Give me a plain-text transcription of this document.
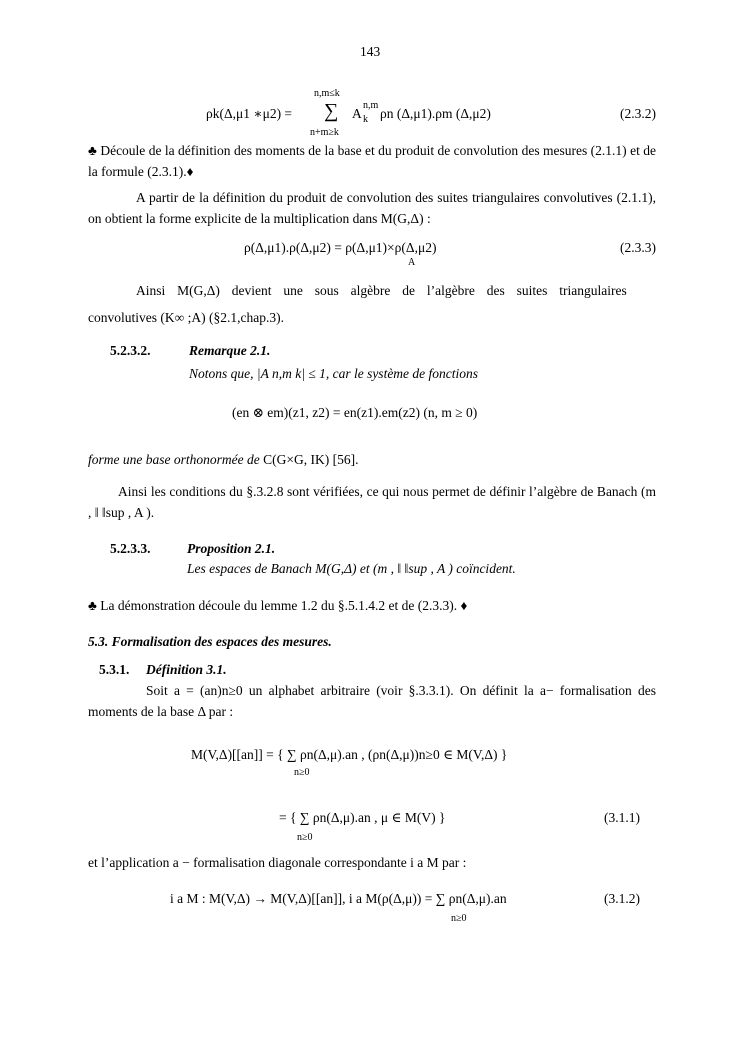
143
n,m≤k
ρk(Δ,μ1 ∗μ2) = ∑ A
n,m
k ρn (Δ,μ1).ρm (Δ,μ2)
n+m≥k
(2.3.2)
♣ Découle de la définition des moments de la base et du produit de convolution des mesures (2.1.1) et de la formule (2.3.1).♦
A partir de la définition du produit de convolution des suites triangulaires convolutives (2.1.1), on obtient la forme explicite de la multiplication dans M(G,Δ) :
ρ(Δ,μ1).ρ(Δ,μ2) = ρ(Δ,μ1)×ρ(Δ,μ2)
A
(2.3.3)
Ainsi M(G,Δ) devient une sous algèbre de l’algèbre des suites triangulaires
convolutives (K∞ ;A) (§2.1,chap.3).
5.2.3.2.	Remarque 2.1.
Notons que, |A n,m k| ≤ 1, car le système de fonctions
(en ⊗ em)(z1, z2) = en(z1).em(z2) (n, m ≥ 0)
forme une base orthonormée de C(G×G, IK) [56].
Ainsi les conditions du §.3.2.8 sont vérifiées, ce qui nous permet de définir l’algèbre de Banach (m , ‖ ‖sup , A ).
5.2.3.3.	Proposition 2.1.
Les espaces de Banach M(G,Δ) et (m , ‖ ‖sup , A ) coïncident.
♣ La démonstration découle du lemme 1.2 du §.5.1.4.2 et de (2.3.3). ♦
5.3. Formalisation des espaces des mesures.
5.3.1. Définition 3.1.
Soit a = (an)n≥0 un alphabet arbitraire (voir §.3.3.1). On définit la a− formalisation des moments de la base Δ par :
M(V,Δ)[[an]] = { ∑ ρn(Δ,μ).an , (ρn(Δ,μ))n≥0 ∈ M(V,Δ) }
n≥0
= { ∑ ρn(Δ,μ).an , μ ∈ M(V) }
n≥0
(3.1.1)
et l’application a − formalisation diagonale correspondante i a M par :
i a M : M(V,Δ) → M(V,Δ)[[an]], i a M(ρ(Δ,μ)) = ∑ ρn(Δ,μ).an
n≥0
(3.1.2)
